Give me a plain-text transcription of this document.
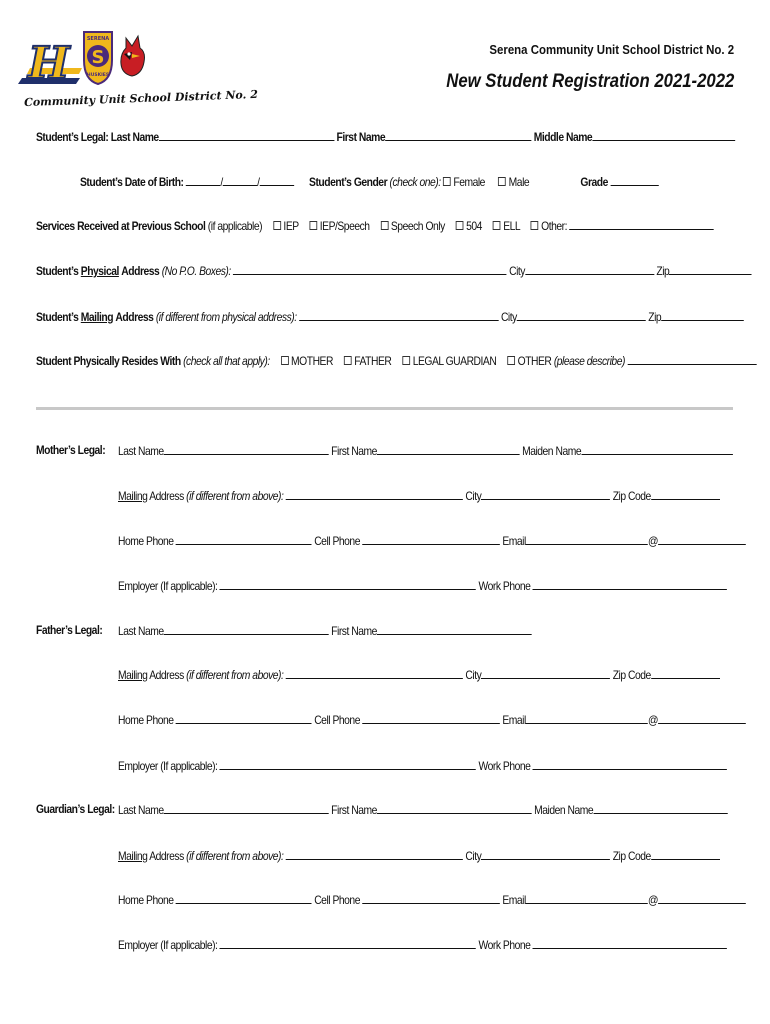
H S
SERENA
HUSKIES
Community Unit School District No. 2
Serena Community Unit School District No. 2
New Student Registration 2021-2022
Student’s Legal: Last Name	First Name	Middle Name
Student’s Date of Birth:	/	/	Student’s Gender (check one): Female Male	Grade
Services Received at Previous School (if applicable) IEP IEP/Speech Speech Only 504 ELL Other:
Student’s Physical Address (No P.O. Boxes):	City	Zip
Student’s Mailing Address (if different from physical address):	City	Zip
Student Physically Resides With (check all that apply): MOTHER FATHER LEGAL GUARDIAN OTHER (please describe)
Mother’s Legal: Last Name	First Name	Maiden Name
Mailing Address (if different from above):	City	Zip Code
Home Phone	Cell Phone	Email	@
Employer (If applicable):	Work Phone
Father’s Legal: Last Name	First Name
Mailing Address (if different from above):	City	Zip Code
Home Phone	Cell Phone	Email	@
Employer (If applicable):	Work Phone
Guardian’s Legal: Last Name	First Name	Maiden Name
Mailing Address (if different from above):	City	Zip Code
Home Phone	Cell Phone	Email	@
Employer (If applicable):	Work Phone
